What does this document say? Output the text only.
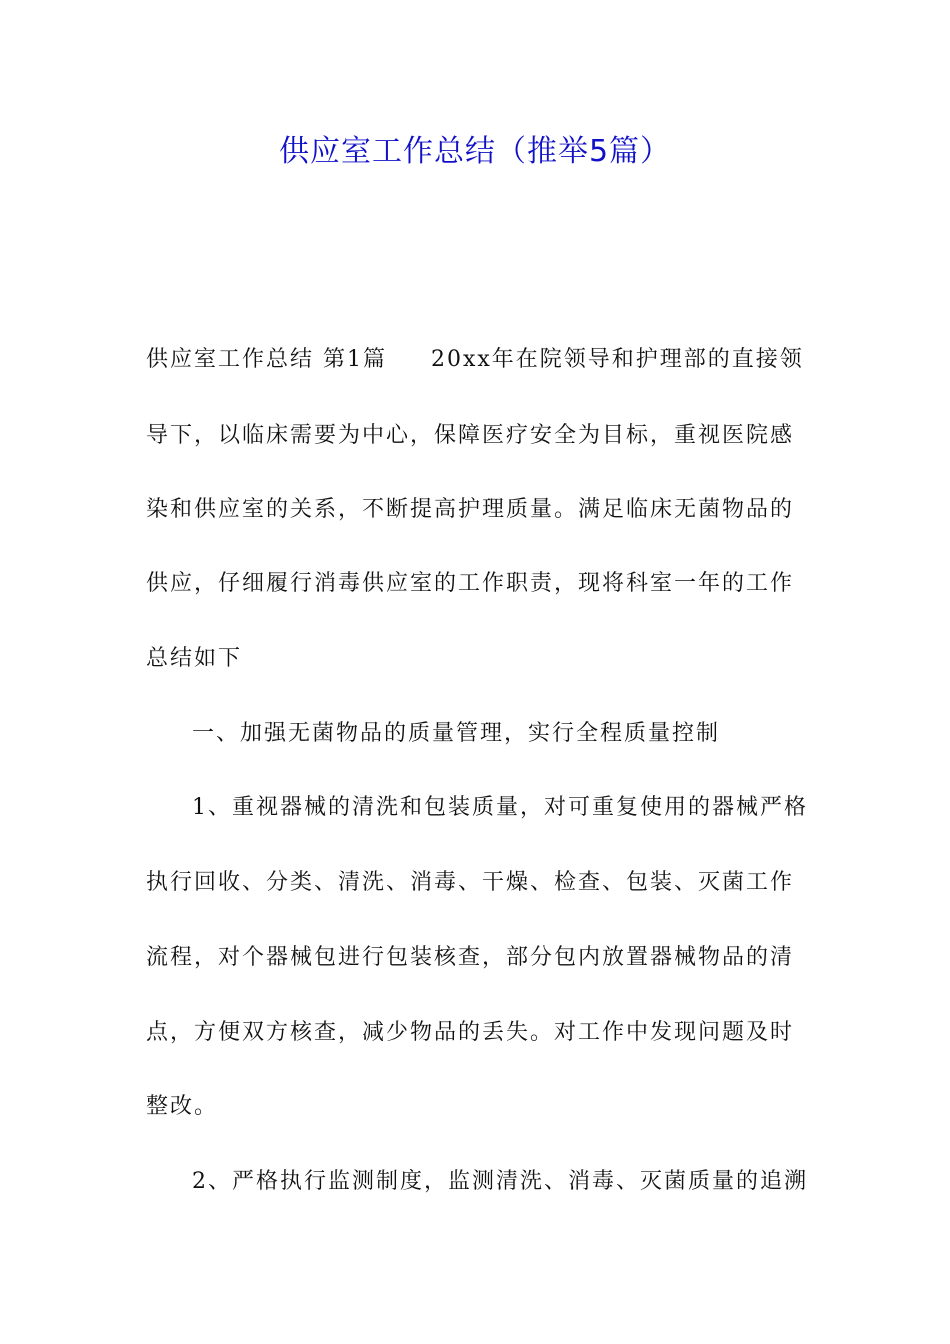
供应室工作总结（推举5篇）
供应室工作总结 第1篇 20xx年在院领导和护理部的直接领
导下，以临床需要为中心，保障医疗安全为目标，重视医院感
染和供应室的关系，不断提高护理质量。满足临床无菌物品的
供应，仔细履行消毒供应室的工作职责，现将科室一年的工作
总结如下
一、加强无菌物品的质量管理，实行全程质量控制
1、重视器械的清洗和包装质量，对可重复使用的器械严格
执行回收、分类、清洗、消毒、干燥、检查、包装、灭菌工作
流程，对个器械包进行包装核查，部分包内放置器械物品的清
点，方便双方核查，减少物品的丢失。对工作中发现问题及时
整改。
2、严格执行监测制度，监测清洗、消毒、灭菌质量的追溯
